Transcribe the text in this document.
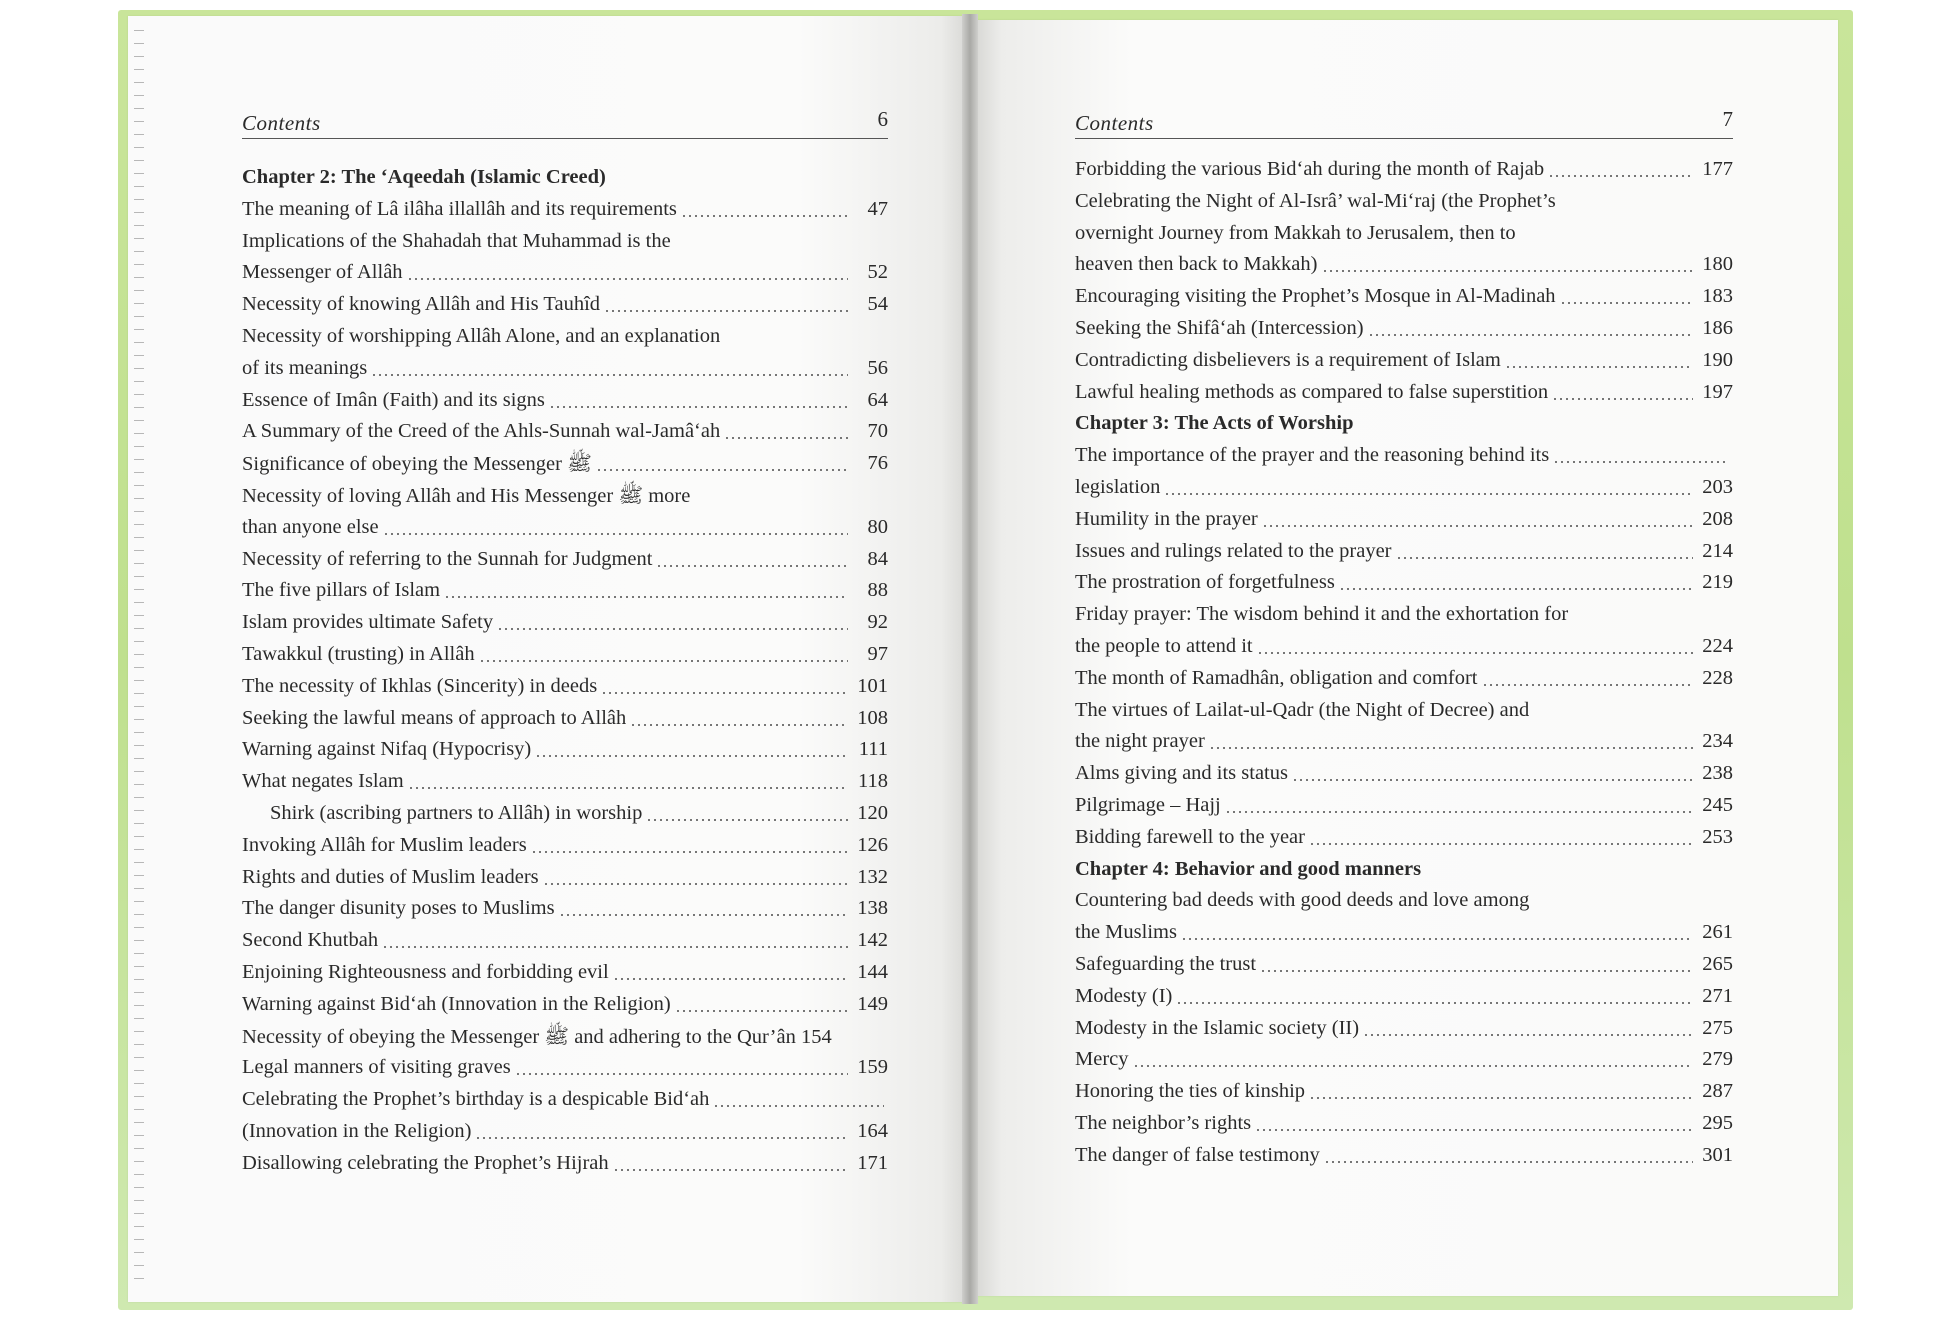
Contents	6	Contents	7
Chapter 2: The ‘Aqeedah (Islamic Creed)
The meaning of Lâ ilâha illallâh and its requirements	47
Implications of the Shahadah that Muhammad is the
Messenger of Allâh	52
Necessity of knowing Allâh and His Tauhîd	54
Necessity of worshipping Allâh Alone, and an explanation
of its meanings	56
Essence of Imân (Faith) and its signs	64
A Summary of the Creed of the Ahls-Sunnah wal-Jamâ‘ah	70
Significance of obeying the Messenger ﷺ	76
Necessity of loving Allâh and His Messenger ﷺ more
than anyone else	80
Necessity of referring to the Sunnah for Judgment	84
The five pillars of Islam	88
Islam provides ultimate Safety	92
Tawakkul (trusting) in Allâh	97
The necessity of Ikhlas (Sincerity) in deeds	101
Seeking the lawful means of approach to Allâh	108
Warning against Nifaq (Hypocrisy)	111
What negates Islam	118
Shirk (ascribing partners to Allâh) in worship	120
Invoking Allâh for Muslim leaders	126
Rights and duties of Muslim leaders	132
The danger disunity poses to Muslims	138
Second Khutbah	142
Enjoining Righteousness and forbidding evil	144
Warning against Bid‘ah (Innovation in the Religion)	149
Necessity of obeying the Messenger ﷺ and adhering to the Qur’ân 154
Legal manners of visiting graves	159
Celebrating the Prophet’s birthday is a despicable Bid‘ah
(Innovation in the Religion)	164
Disallowing celebrating the Prophet’s Hijrah	171
Forbidding the various Bid‘ah during the month of Rajab	177
Celebrating the Night of Al-Isrâ’ wal-Mi‘raj (the Prophet’s
overnight Journey from Makkah to Jerusalem, then to
heaven then back to Makkah)	180
Encouraging visiting the Prophet’s Mosque in Al-Madinah	183
Seeking the Shifâ‘ah (Intercession)	186
Contradicting disbelievers is a requirement of Islam	190
Lawful healing methods as compared to false superstition	197
Chapter 3: The Acts of Worship
The importance of the prayer and the reasoning behind its
legislation	203
Humility in the prayer	208
Issues and rulings related to the prayer	214
The prostration of forgetfulness	219
Friday prayer: The wisdom behind it and the exhortation for
the people to attend it	224
The month of Ramadhân, obligation and comfort	228
The virtues of Lailat-ul-Qadr (the Night of Decree) and
the night prayer	234
Alms giving and its status	238
Pilgrimage – Hajj	245
Bidding farewell to the year	253
Chapter 4: Behavior and good manners
Countering bad deeds with good deeds and love among
the Muslims	261
Safeguarding the trust	265
Modesty (I)	271
Modesty in the Islamic society (II)	275
Mercy	279
Honoring the ties of kinship	287
The neighbor’s rights	295
The danger of false testimony	301
